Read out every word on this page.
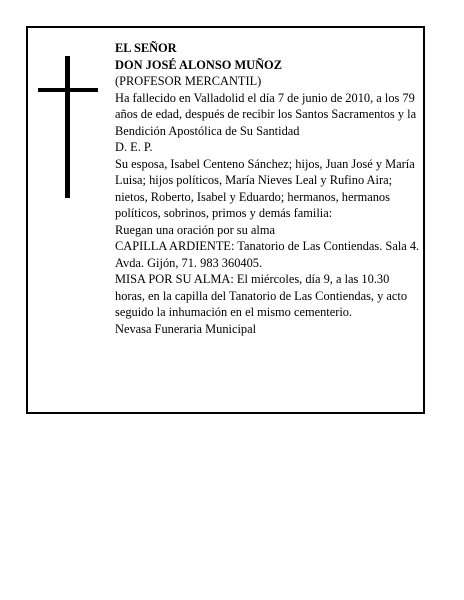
EL SEÑOR

DON JOSÉ ALONSO MUÑOZ

(PROFESOR MERCANTIL)

Ha fallecido en Valladolid el día 7 de junio de 2010, a los 79 años de edad, después de recibir los Santos Sacramentos y la Bendición Apostólica de Su Santidad

D. E. P.

Su esposa, Isabel Centeno Sánchez; hijos, Juan José y María Luisa; hijos políticos, María Nieves Leal y Rufino Aira; nietos, Roberto, Isabel y Eduardo; hermanos, hermanos políticos, sobrinos, primos y demás familia:

Ruegan una oración por su alma

CAPILLA ARDIENTE: Tanatorio de Las Contiendas. Sala 4. Avda. Gijón, 71. 983 360405.

MISA POR SU ALMA: El miércoles, día 9, a las 10.30 horas, en la capilla del Tanatorio de Las Contiendas, y acto seguido la inhumación en el mismo cementerio.

Nevasa Funeraria Municipal
